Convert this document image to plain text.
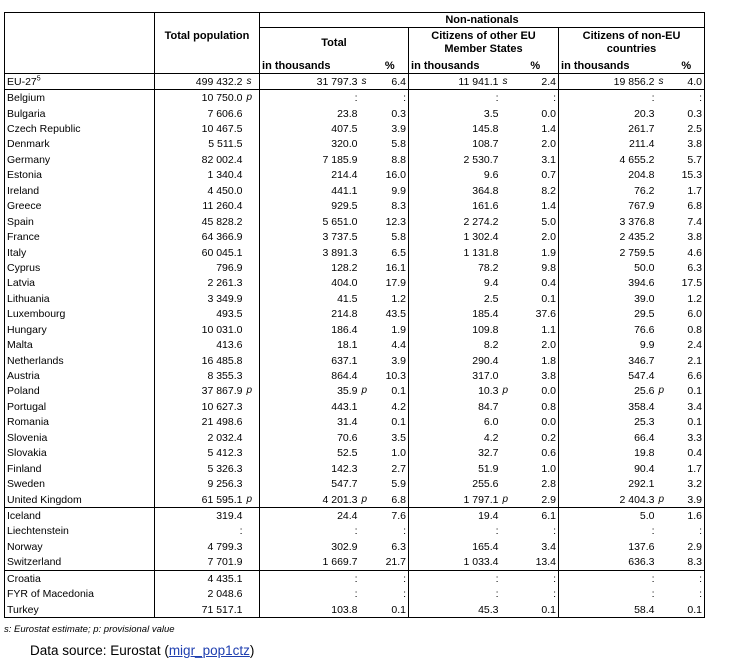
	Total population		Non-nationals								
			Total			Citizens of other EU Member States			Citizens of non-EU countries		
			in thousands		%	in thousands		%	in thousands		%
$EU-27^5$	499 432.2	s	31 797.3	s	6.4	11 941.1	s	2.4	19 856.2	s	4.0
Belgium	10 750.0	p	:		:	:		:	:		:
Bulgaria	7 606.6		23.8		0.3	3.5		0.0	20.3		0.3
Czech Republic	10 467.5		407.5		3.9	145.8		1.4	261.7		2.5
Denmark	5 511.5		320.0		5.8	108.7		2.0	211.4		3.8
Germany	82 002.4		7 185.9		8.8	2 530.7		3.1	4 655.2		5.7
Estonia	1 340.4		214.4		16.0	9.6		0.7	204.8		15.3
Ireland	4 450.0		441.1		9.9	364.8		8.2	76.2		1.7
Greece	11 260.4		929.5		8.3	161.6		1.4	767.9		6.8
Spain	45 828.2		5 651.0		12.3	2 274.2		5.0	3 376.8		7.4
France	64 366.9		3 737.5		5.8	1 302.4		2.0	2 435.2		3.8
Italy	60 045.1		3 891.3		6.5	1 131.8		1.9	2 759.5		4.6
Cyprus	796.9		128.2		16.1	78.2		9.8	50.0		6.3
Latvia	2 261.3		404.0		17.9	9.4		0.4	394.6		17.5
Lithuania	3 349.9		41.5		1.2	2.5		0.1	39.0		1.2
Luxembourg	493.5		214.8		43.5	185.4		37.6	29.5		6.0
Hungary	10 031.0		186.4		1.9	109.8		1.1	76.6		0.8
Malta	413.6		18.1		4.4	8.2		2.0	9.9		2.4
Netherlands	16 485.8		637.1		3.9	290.4		1.8	346.7		2.1
Austria	8 355.3		864.4		10.3	317.0		3.8	547.4		6.6
Poland	37 867.9	p	35.9	p	0.1	10.3	p	0.0	25.6	p	0.1
Portugal	10 627.3		443.1		4.2	84.7		0.8	358.4		3.4
Romania	21 498.6		31.4		0.1	6.0		0.0	25.3		0.1
Slovenia	2 032.4		70.6		3.5	4.2		0.2	66.4		3.3
Slovakia	5 412.3		52.5		1.0	32.7		0.6	19.8		0.4
Finland	5 326.3		142.3		2.7	51.9		1.0	90.4		1.7
Sweden	9 256.3		547.7		5.9	255.6		2.8	292.1		3.2
United Kingdom	61 595.1	p	4 201.3	p	6.8	1 797.1	p	2.9	2 404.3	p	3.9
Iceland	319.4		24.4		7.6	19.4		6.1	5.0		1.6
Liechtenstein	:		:		:	:		:	:		:
Norway	4 799.3		302.9		6.3	165.4		3.4	137.6		2.9
Switzerland	7 701.9		1 669.7		21.7	1 033.4		13.4	636.3		8.3
Croatia	4 435.1		:		:	:		:	:		:
FYR of Macedonia	2 048.6		:		:	:		:	:		:
Turkey	71 517.1		103.8		0.1	45.3		0.1	58.4		0.1
s: Eurostat estimate; p: provisional value
Data source: Eurostat (migr_pop1ctz)
